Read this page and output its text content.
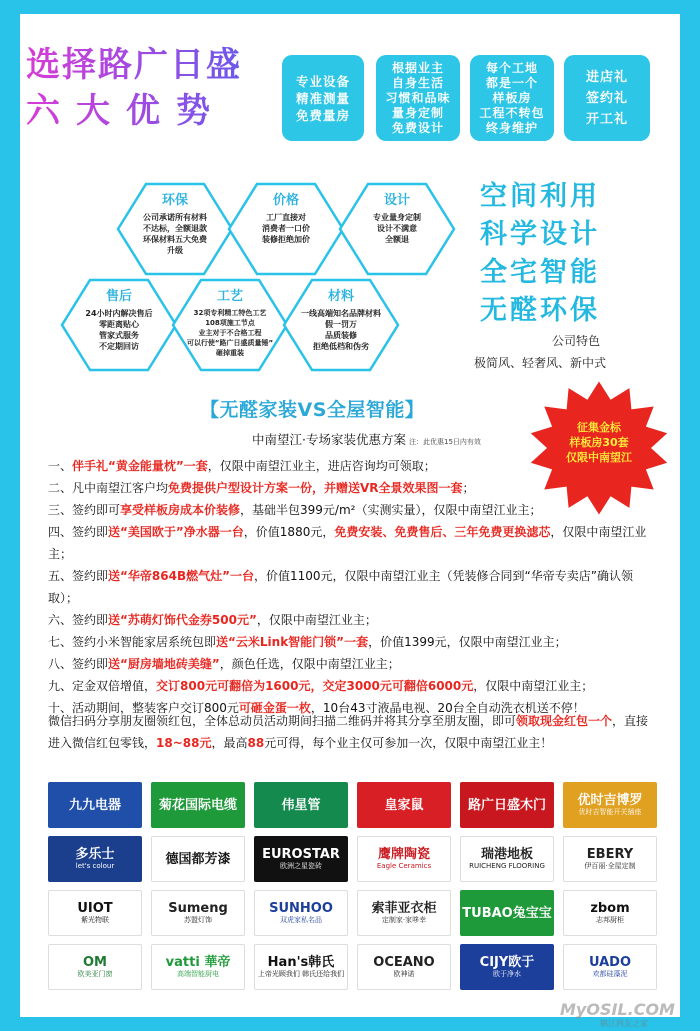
选择路广日盛
六大优势
专业设备
精准测量
免费量房
根据业主
自身生活
习惯和品味
量身定制
免费设计
每个工地
都是一个
样板房
工程不转包
终身维护
进店礼
签约礼
开工礼
环保
公司承诺所有材料
不达标，全额退款
环保材料五大免费
升级
价格
工厂直接对
消费者一口价
装修拒绝加价
设计
专业量身定制
设计不满意
全额退
售后
24小时内解决售后
零距离贴心
管家式服务
不定期回访
工艺
32项专利精工特色工艺
108项施工节点
业主对于不合格工程
可以行使“路广日盛质量锤”
砸掉重装
材料
一线高端知名品牌材料
假一罚万
品质装修
拒绝低档和伪劣
空间利用
科学设计
全宅智能
无醛环保
公司特色
极简风、轻奢风、新中式
征集金标
样板房30套
仅限中南望江
【无醛家装VS全屋智能】
中南望江·专场家装优惠方案 注：此优惠15日内有效
一、伴手礼“黄金能量枕”一套，仅限中南望江业主，进店咨询均可领取；
二、凡中南望江客户均免费提供户型设计方案一份，并赠送VR全景效果图一套；
三、签约即可享受样板房成本价装修，基础半包399元/m²（实测实量），仅限中南望江业主；
四、签约即送“美国欧于”净水器一台，价值1880元，免费安装、免费售后、三年免费更换滤芯，仅限中南望江业主；
五、签约即送“华帝864B燃气灶”一台，价值1100元，仅限中南望江业主（凭装修合同到“华帝专卖店”确认领取）；
六、签约即送“苏萌灯饰代金券500元”，仅限中南望江业主；
七、签约小米智能家居系统包即送“云米Link智能门锁”一套，价值1399元，仅限中南望江业主；
八、签约即送“厨房墙地砖美缝”，颜色任选，仅限中南望江业主；
九、定金双倍增值，交订800元可翻倍为1600元，交定3000元可翻倍6000元，仅限中南望江业主；
十、活动期间，整装客户交订800元可砸金蛋一枚，10台43寸液晶电视、20台全自动洗衣机送不停！
微信扫码分享朋友圈领红包，全体总动员活动期间扫描二维码并将其分享至朋友圈，即可领取现金红包一个，直接进入微信红包零钱，18~88元，最高88元可得，每个业主仅可参加一次，仅限中南望江业主！
九九电器	菊花国际电缆	伟星管	皇家鼠	路广日盛木门 优时吉博罗
优时吉智能开关插座
多乐士
let's colour	德国都芳漆 EUROSTAR
欧洲之星瓷砖
鹰牌陶瓷
Eagle Ceramics
瑞港地板
RUICHENG FLOORING
EBERY
伊百丽·全屋定制
UIOT
紫光物联
Sumeng
苏盟灯饰
SUNHOO
双虎家私名品
索菲亚衣柜
定制家·家哆幸	TUBAO兔宝宝	zbom
志邦厨柜
OM
欧美亚门窗
vatti 華帝
高端智能厨电
Han's韩氏
上帝光顾我们 韩氏还给我们
OCEANO
欧神诺
CIJY欧于
欧于净水
UADO
欢都硅藻泥
MyOSIL.COM
镇江网友之家
